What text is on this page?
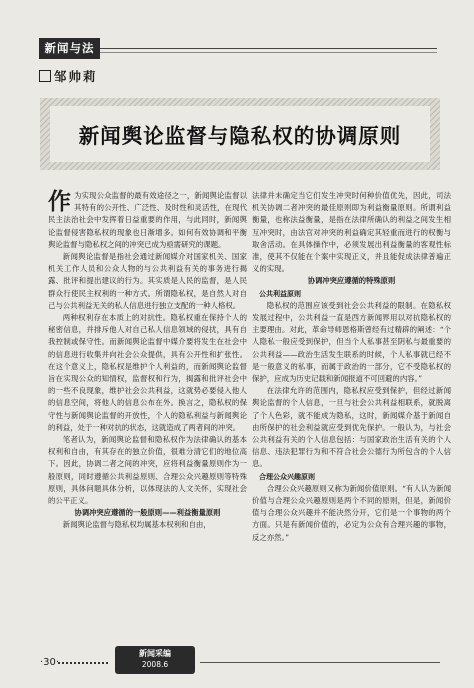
新闻与法
邹帅莉
新闻舆论监督与隐私权的协调原则

作为实现公众监督的最有效途径之一，新闻舆论监督以其特有的公开性、广泛性、及时性和灵活性，在现代民主法治社会中发挥着日益重要的作用，与此同时，新闻舆论监督侵害隐私权的现象也日渐增多。如何有效协调和平衡舆论监督与隐私权之间的冲突已成为亟需研究的课题。

新闻舆论监督是指社会通过新闻媒介对国家机关、国家机关工作人员和公众人物的与公共利益有关的事务进行揭露、批评和提出建议的行为。其实质是人民的监督，是人民群众行使民主权利的一种方式。所谓隐私权，是自然人对自己与公共利益无关的私人信息进行独立支配的一种人格权。

两种权利存在本质上的对抗性。隐私权重在保持个人的秘密信息，并排斥他人对自己私人信息领域的侵扰，具有自我控制或保守性。而新闻舆论监督中媒介要将发生在社会中的信息进行收集并向社会公众提供，具有公开性和扩张性。在这个意义上，隐私权是维护个人利益的，而新闻舆论监督旨在实现公众的知情权，监督权和行为，揭露和批评社会中的一些不良现象，维护社会公共利益，这就势必要侵入他人的信息空间，将他人的信息公布在外。换言之，隐私权的保守性与新闻舆论监督的开放性，个人的隐私利益与新闻舆论的利益，处于一种对抗的状态，这就造成了两者间的冲突。

笔者认为，新闻舆论监督和隐私权作为法律确认的基本权利和自由，有其存在的独立价值，很难分清它们的地位高下。因此，协调二者之间的冲突，应将利益衡量原则作为一般原则，同时遵循公共利益原则、合理公众兴趣原则等特殊原则，具体问题具体分析，以体现法的人文关怀，实现社会的公平正义。

协调冲突应遵循的一般原则——利益衡量原则

新闻舆论监督与隐私权均属基本权利和自由，

法律并未确定当它们发生冲突时何种价值优先，因此，司法机关协调二者冲突的最佳原则即为利益衡量原则。所谓利益衡量，也称法益衡量，是指在法律所确认的利益之间发生相互冲突时，由法官对冲突的利益确定其轻重而进行的权衡与取舍活动。在具体操作中，必须发展出利益衡量的客观性标准，使其不仅能在个案中实现正义，并且能促成法律普遍正义的实现。

协调冲突应遵循的特殊原则

公共利益原则

隐私权的范围应该受到社会公共利益的限制。在隐私权发展过程中，公共利益一直是西方新闻界用以对抗隐私权的主要理由。对此，革命导师恩格斯曾经有过精辟的阐述：“个人隐私一般应受到保护，但当个人私事甚至阴私与最重要的公共利益——政治生活发生联系的时候，个人私事就已经不是一般意义的私事，而属于政治的一部分，它不受隐私权的保护，应成为历史记载和新闻报道不可回避的内容。”

在法律允许的范围内，隐私权应受到保护，但经过新闻舆论监督的个人信息，一旦与社会公共利益相联系，就脱离了个人色彩，就不能成为隐私，这时，新闻媒介基于新闻自由所保护的社会利益就应受到优先保护。一般认为，与社会公共利益有关的个人信息包括：与国家政治生活有关的个人信息、违法犯罪行为和不符合社会公德行为所包含的个人信息。

合理公众兴趣原则

合理公众兴趣原则又称为新闻价值原则。“有人认为新闻价值与合理公众兴趣原则是两个不同的原则，但是，新闻价值与合理公众兴趣并不能决然分开，它们是一个事物的两个方面。只是有新闻价值的，必定为公众有合理兴趣的事物，反之亦然。”

·30·
新闻采编
2008.6
